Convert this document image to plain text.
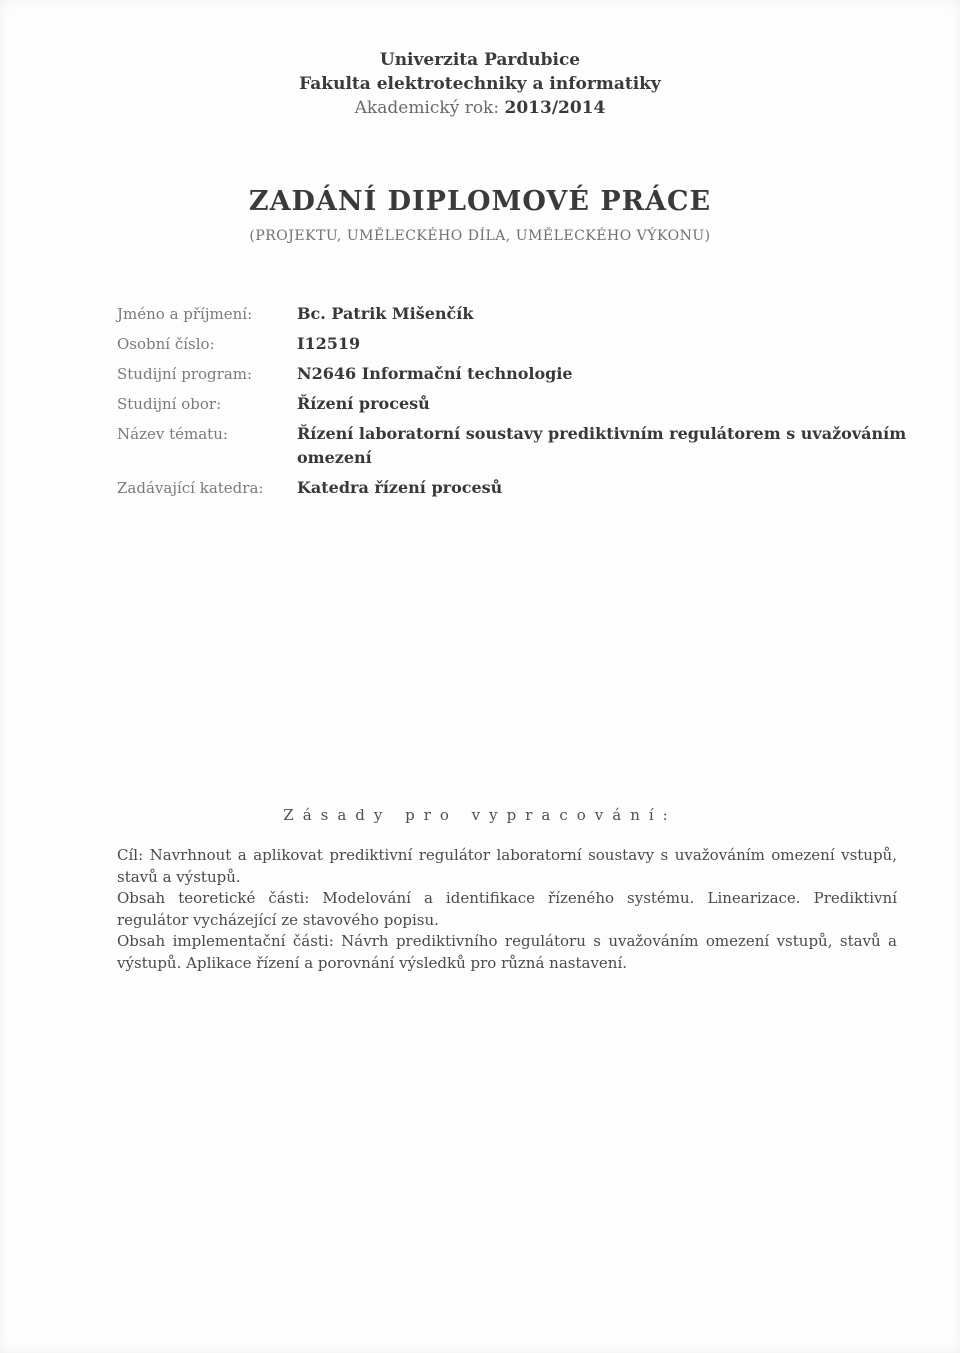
Univerzita Pardubice
Fakulta elektrotechniky a informatiky
Akademický rok: 2013/2014
ZADÁNÍ DIPLOMOVÉ PRÁCE
(PROJEKTU, UMĚLECKÉHO DÍLA, UMĚLECKÉHO VÝKONU)
Jméno a příjmení:	Bc. Patrik Mišenčík
Osobní číslo:	I12519
Studijní program:	N2646 Informační technologie
Studijní obor:	Řízení procesů
Název tématu:	Řízení laboratorní soustavy prediktivním regulátorem s uvažováním omezení
Zadávající katedra:	Katedra řízení procesů
Zásady pro vypracování:

Cíl: Navrhnout a aplikovat prediktivní regulátor laboratorní soustavy s uvažováním omezení vstupů, stavů a výstupů.

Obsah teoretické části: Modelování a identifikace řízeného systému. Linearizace. Prediktivní regulátor vycházející ze stavového popisu.

Obsah implementační části: Návrh prediktivního regulátoru s uvažováním omezení vstupů, stavů a výstupů. Aplikace řízení a porovnání výsledků pro různá nastavení.
